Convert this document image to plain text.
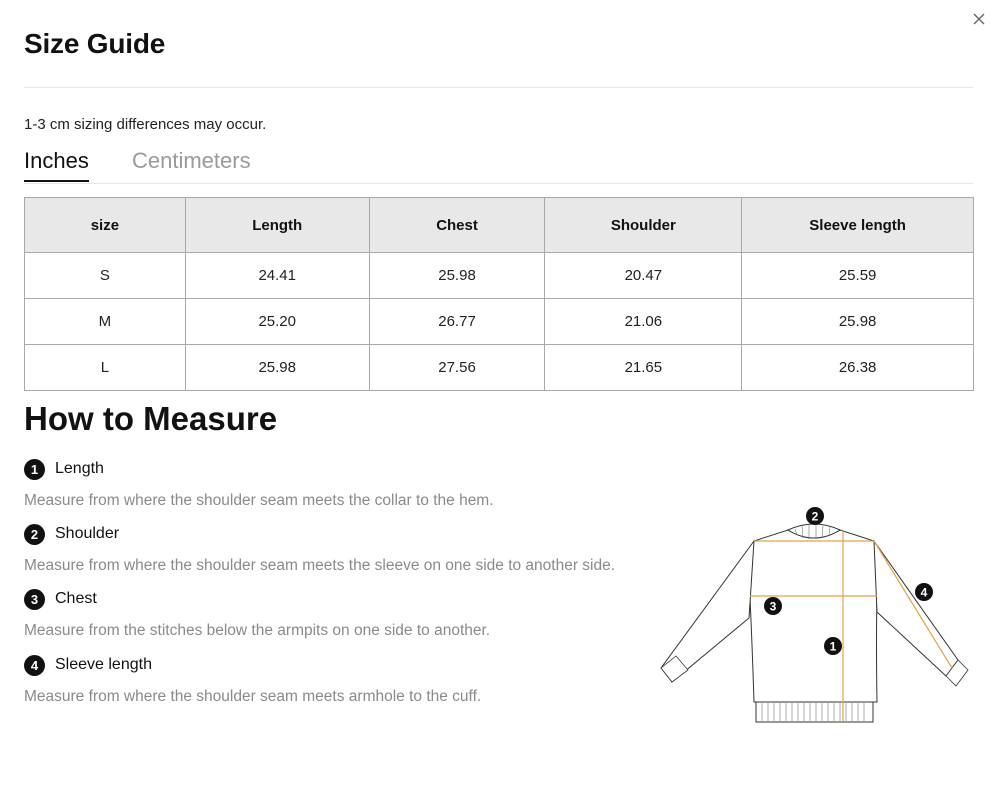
Size Guide
1-3 cm sizing differences may occur.
Inches Centimeters
size	Length	Chest	Shoulder	Sleeve length
S	24.41	25.98	20.47	25.59
M	25.20	26.77	21.06	25.98
L	25.98	27.56	21.65	26.38
How to Measure
1	Length
Measure from where the shoulder seam meets the collar to the hem.
2	Shoulder
Measure from where the shoulder seam meets the sleeve on one side to another side.
3	Chest
Measure from the stitches below the armpits on one side to another.
4	Sleeve length
Measure from where the shoulder seam meets armhole to the cuff.
2
3
1
4
